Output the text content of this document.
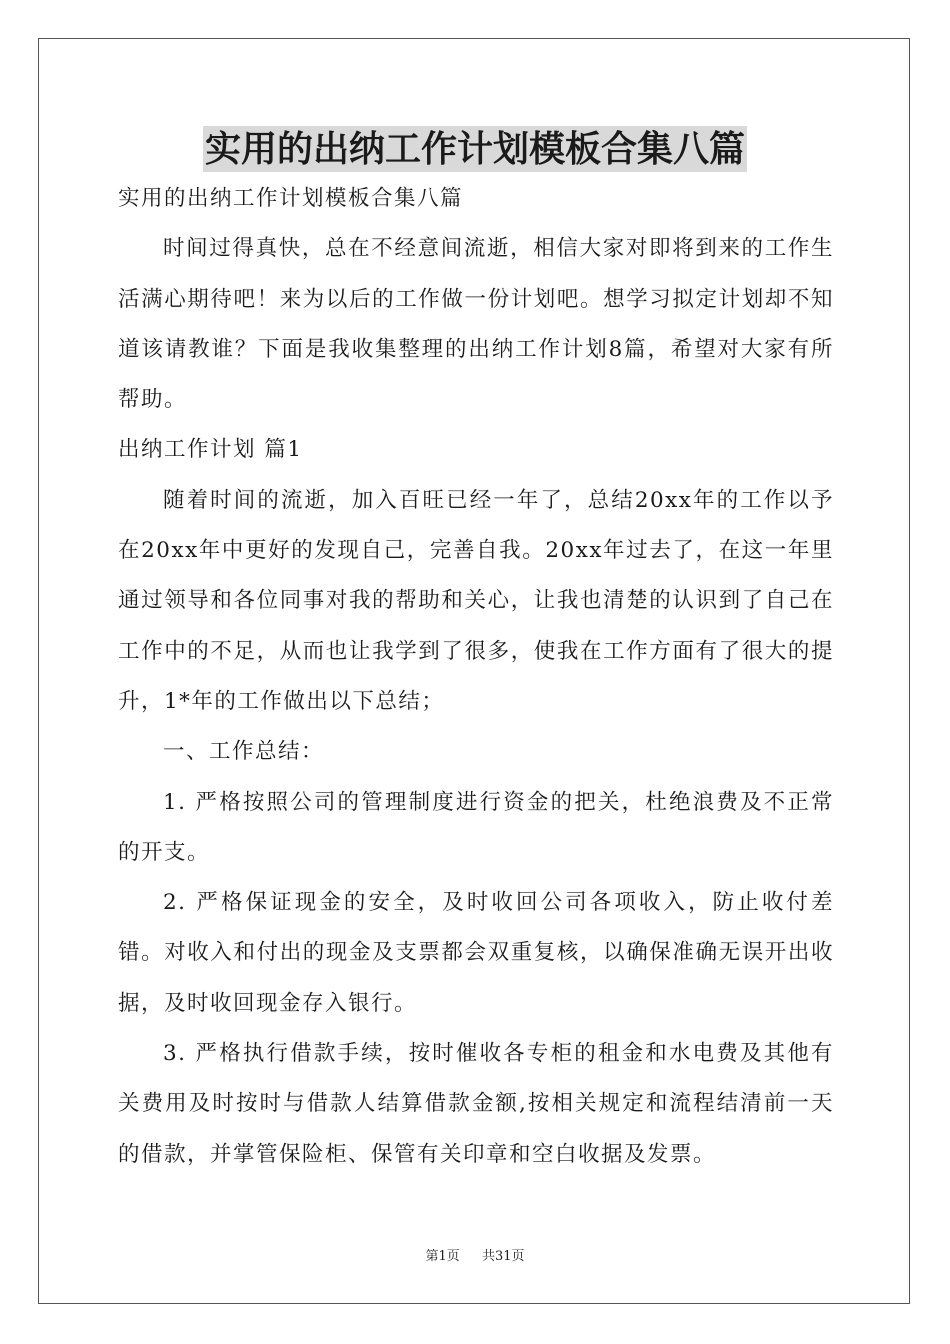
实用的出纳工作计划模板合集八篇

实用的出纳工作计划模板合集八篇

时间过得真快，总在不经意间流逝，相信大家对即将到来的工作生活满心期待吧！来为以后的工作做一份计划吧。想学习拟定计划却不知道该请教谁？下面是我收集整理的出纳工作计划8篇，希望对大家有所帮助。

出纳工作计划 篇1

随着时间的流逝，加入百旺已经一年了，总结20xx年的工作以予在20xx年中更好的发现自己，完善自我。20xx年过去了，在这一年里通过领导和各位同事对我的帮助和关心，让我也清楚的认识到了自己在工作中的不足，从而也让我学到了很多，使我在工作方面有了很大的提升，1*年的工作做出以下总结；

一、工作总结：

1. 严格按照公司的管理制度进行资金的把关，杜绝浪费及不正常的开支。

2. 严格保证现金的安全，及时收回公司各项收入，防止收付差错。对收入和付出的现金及支票都会双重复核，以确保准确无误开出收据，及时收回现金存入银行。

3. 严格执行借款手续，按时催收各专柜的租金和水电费及其他有关费用及时按时与借款人结算借款金额,按相关规定和流程结清前一天的借款，并掌管保险柜、保管有关印章和空白收据及发票。

第1页 共31页
